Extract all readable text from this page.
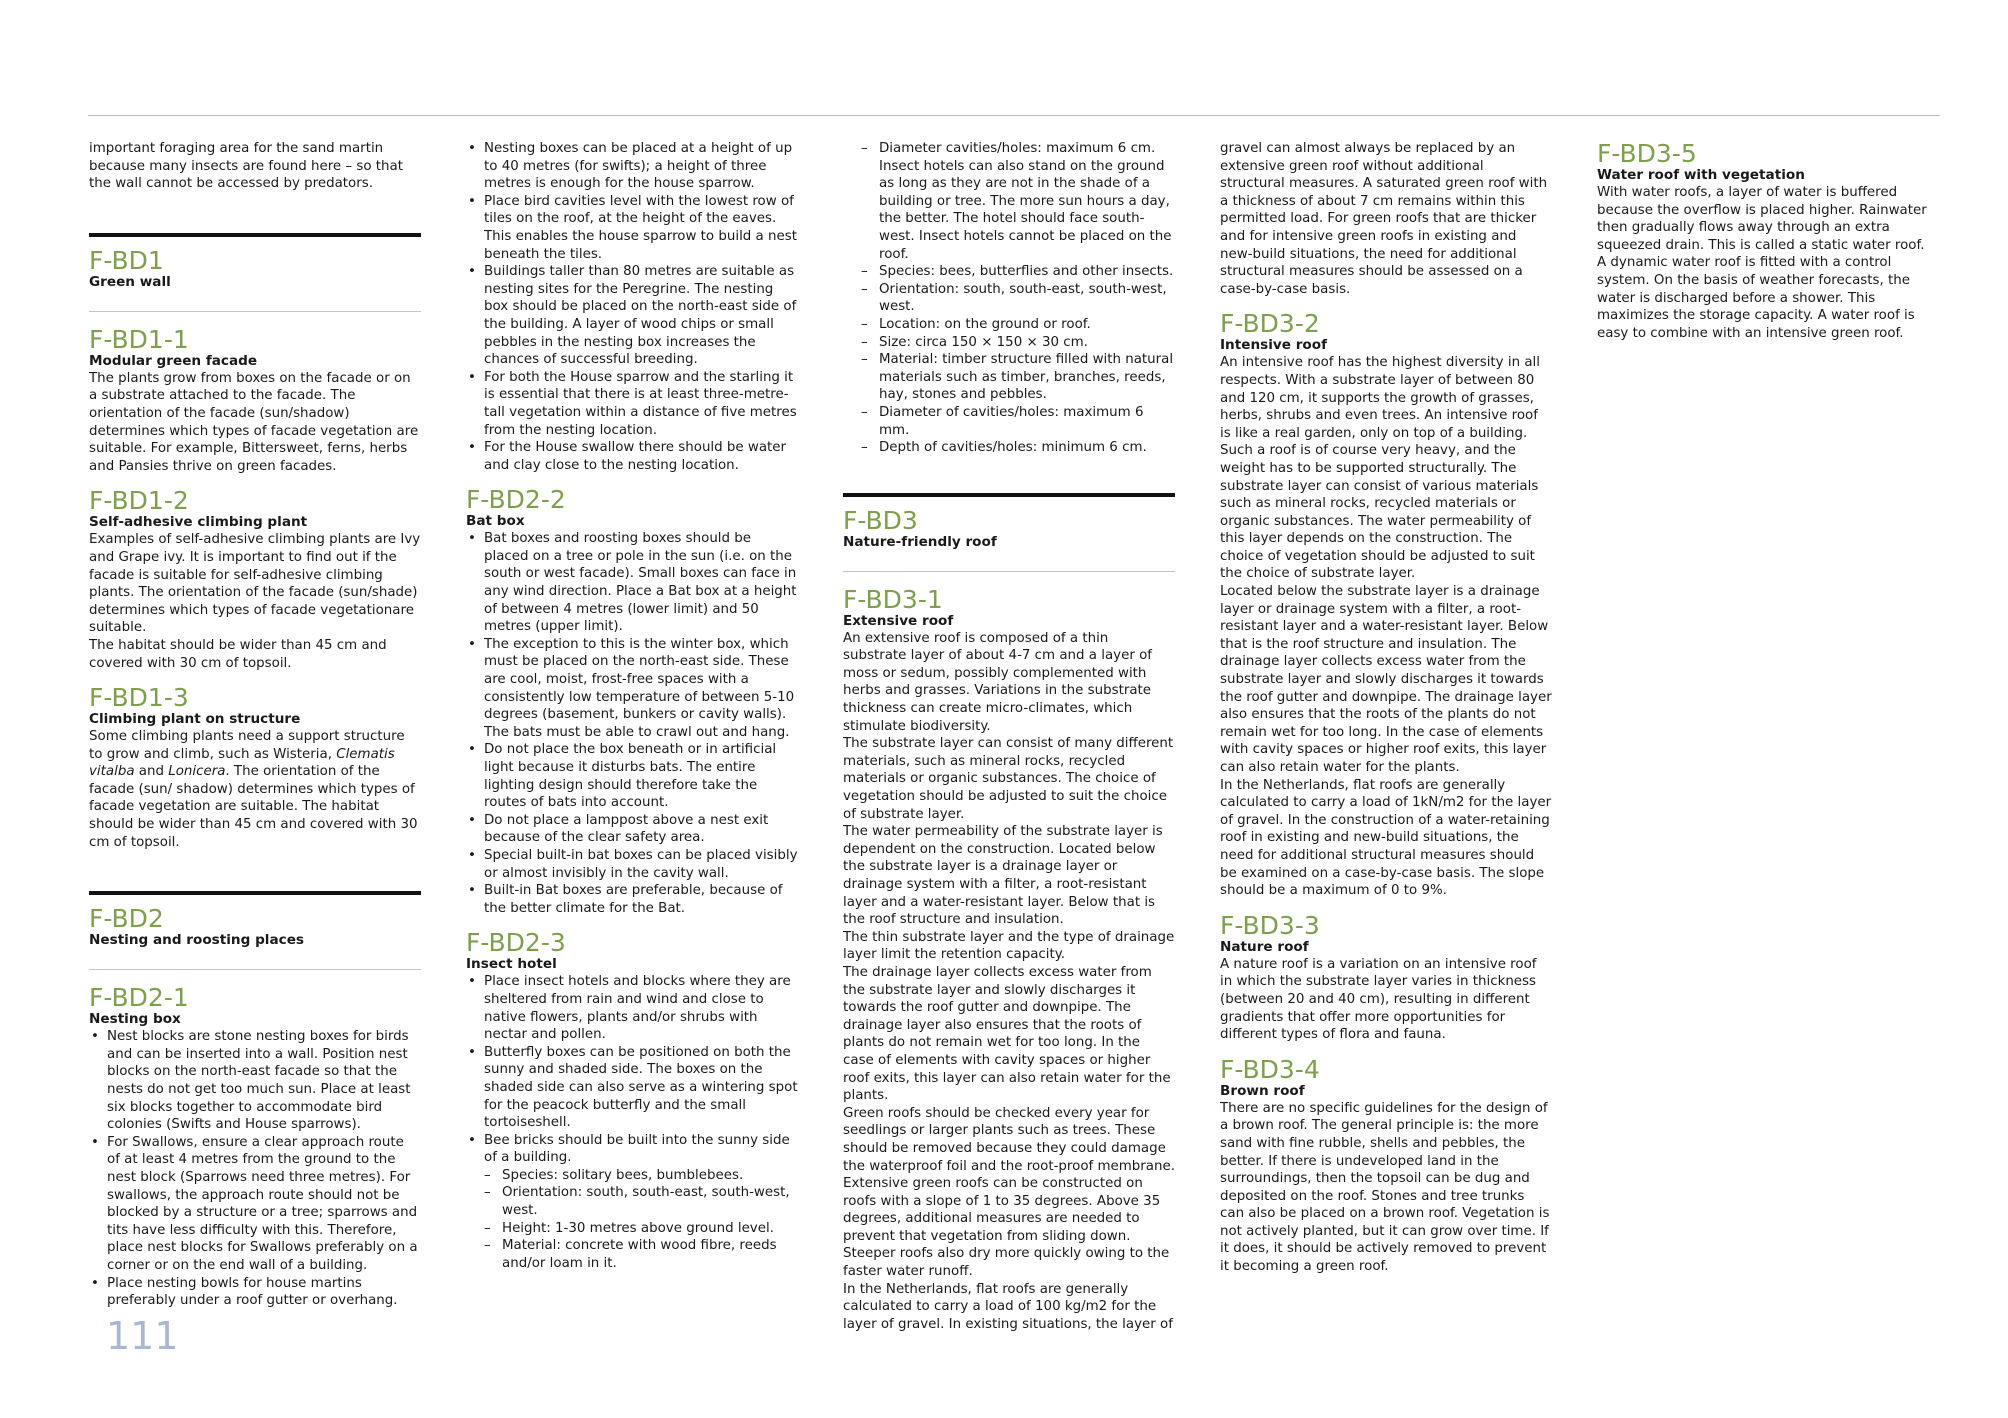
important foraging area for the sand martin because many insects are found here – so that the wall cannot be accessed by predators.

F-BD1
Green wall
F-BD1-1
Modular green facade

The plants grow from boxes on the facade or on a substrate attached to the facade. The orientation of the facade (sun/shadow) determines which types of facade vegetation are suitable. For example, Bittersweet, ferns, herbs and Pansies thrive on green facades.

F-BD1-2
Self-adhesive climbing plant

Examples of self-adhesive climbing plants are Ivy and Grape ivy. It is important to find out if the facade is suitable for self-adhesive climbing plants. The orientation of the facade (sun/shade) determines which types of facade vegetationare suitable.

The habitat should be wider than 45 cm and covered with 30 cm of topsoil.

F-BD1-3
Climbing plant on structure

Some climbing plants need a support structure to grow and climb, such as Wisteria, Clematis vitalba and Lonicera. The orientation of the facade (sun/ shadow) determines which types of facade vegetation are suitable. The habitat should be wider than 45 cm and covered with 30 cm of topsoil.

F-BD2
Nesting and roosting places
F-BD2-1
Nesting box
• Nest blocks are stone nesting boxes for birds and can be inserted into a wall. Position nest blocks on the north-east facade so that the nests do not get too much sun. Place at least six blocks together to accommodate bird colonies (Swifts and House sparrows).
• For Swallows, ensure a clear approach route of at least 4 metres from the ground to the nest block (Sparrows need three metres). For swallows, the approach route should not be blocked by a structure or a tree; sparrows and tits have less difficulty with this. Therefore, place nest blocks for Swallows preferably on a corner or on the end wall of a building.
• Place nesting bowls for house martins preferably under a roof gutter or overhang.
• Nesting boxes can be placed at a height of up to 40 metres (for swifts); a height of three metres is enough for the house sparrow.
• Place bird cavities level with the lowest row of tiles on the roof, at the height of the eaves. This enables the house sparrow to build a nest beneath the tiles.
• Buildings taller than 80 metres are suitable as nesting sites for the Peregrine. The nesting box should be placed on the north-east side of the building. A layer of wood chips or small pebbles in the nesting box increases the chances of successful breeding.
• For both the House sparrow and the starling it is essential that there is at least three-metre-tall vegetation within a distance of five metres from the nesting location.
• For the House swallow there should be water and clay close to the nesting location.
F-BD2-2
Bat box
• Bat boxes and roosting boxes should be placed on a tree or pole in the sun (i.e. on the south or west facade). Small boxes can face in any wind direction. Place a Bat box at a height of between 4 metres (lower limit) and 50 metres (upper limit).
• The exception to this is the winter box, which must be placed on the north-east side. These are cool, moist, frost-free spaces with a consistently low temperature of between 5-10 degrees (basement, bunkers or cavity walls). The bats must be able to crawl out and hang.
• Do not place the box beneath or in artificial light because it disturbs bats. The entire lighting design should therefore take the routes of bats into account.
• Do not place a lamppost above a nest exit because of the clear safety area.
• Special built-in bat boxes can be placed visibly or almost invisibly in the cavity wall.
• Built-in Bat boxes are preferable, because of the better climate for the Bat.
F-BD2-3
Insect hotel
• Place insect hotels and blocks where they are sheltered from rain and wind and close to native flowers, plants and/or shrubs with nectar and pollen.
• Butterfly boxes can be positioned on both the sunny and shaded side. The boxes on the shaded side can also serve as a wintering spot for the peacock butterfly and the small tortoiseshell.
• Bee bricks should be built into the sunny side of a building.
– Species: solitary bees, bumblebees.
– Orientation: south, south-east, south-west, west.
– Height: 1-30 metres above ground level.
– Material: concrete with wood fibre, reeds and/or loam in it.
– Diameter cavities/holes: maximum 6 cm. Insect hotels can also stand on the ground as long as they are not in the shade of a building or tree. The more sun hours a day, the better. The hotel should face south-west. Insect hotels cannot be placed on the roof.
– Species: bees, butterflies and other insects.
– Orientation: south, south-east, south-west, west.
– Location: on the ground or roof.
– Size: circa 150 × 150 × 30 cm.
– Material: timber structure filled with natural materials such as timber, branches, reeds, hay, stones and pebbles.
– Diameter of cavities/holes: maximum 6 mm.
– Depth of cavities/holes: minimum 6 cm.
F-BD3
Nature-friendly roof
F-BD3-1
Extensive roof

An extensive roof is composed of a thin substrate layer of about 4-7 cm and a layer of moss or sedum, possibly complemented with herbs and grasses. Variations in the substrate thickness can create micro-climates, which stimulate biodiversity.

The substrate layer can consist of many different materials, such as mineral rocks, recycled materials or organic substances. The choice of vegetation should be adjusted to suit the choice of substrate layer.

The water permeability of the substrate layer is dependent on the construction. Located below the substrate layer is a drainage layer or drainage system with a filter, a root-resistant layer and a water-resistant layer. Below that is the roof structure and insulation.

The thin substrate layer and the type of drainage layer limit the retention capacity.

The drainage layer collects excess water from the substrate layer and slowly discharges it towards the roof gutter and downpipe. The drainage layer also ensures that the roots of plants do not remain wet for too long. In the case of elements with cavity spaces or higher roof exits, this layer can also retain water for the plants.

Green roofs should be checked every year for seedlings or larger plants such as trees. These should be removed because they could damage the waterproof foil and the root-proof membrane. Extensive green roofs can be constructed on roofs with a slope of 1 to 35 degrees. Above 35 degrees, additional measures are needed to prevent that vegetation from sliding down. Steeper roofs also dry more quickly owing to the faster water runoff.

In the Netherlands, flat roofs are generally calculated to carry a load of 100 kg/m2 for the layer of gravel. In existing situations, the layer of

gravel can almost always be replaced by an extensive green roof without additional structural measures. A saturated green roof with a thickness of about 7 cm remains within this permitted load. For green roofs that are thicker and for intensive green roofs in existing and new-build situations, the need for additional structural measures should be assessed on a case-by-case basis.

F-BD3-2
Intensive roof

An intensive roof has the highest diversity in all respects. With a substrate layer of between 80 and 120 cm, it supports the growth of grasses, herbs, shrubs and even trees. An intensive roof is like a real garden, only on top of a building. Such a roof is of course very heavy, and the weight has to be supported structurally. The substrate layer can consist of various materials such as mineral rocks, recycled materials or organic substances. The water permeability of this layer depends on the construction. The choice of vegetation should be adjusted to suit the choice of substrate layer.

Located below the substrate layer is a drainage layer or drainage system with a filter, a root-resistant layer and a water-resistant layer. Below that is the roof structure and insulation. The drainage layer collects excess water from the substrate layer and slowly discharges it towards the roof gutter and downpipe. The drainage layer also ensures that the roots of the plants do not remain wet for too long. In the case of elements with cavity spaces or higher roof exits, this layer can also retain water for the plants.

In the Netherlands, flat roofs are generally calculated to carry a load of 1kN/m2 for the layer of gravel. In the construction of a water-retaining roof in existing and new-build situations, the need for additional structural measures should be examined on a case-by-case basis. The slope should be a maximum of 0 to 9%.

F-BD3-3
Nature roof

A nature roof is a variation on an intensive roof in which the substrate layer varies in thickness (between 20 and 40 cm), resulting in different gradients that offer more opportunities for different types of flora and fauna.

F-BD3-4
Brown roof

There are no specific guidelines for the design of a brown roof. The general principle is: the more sand with fine rubble, shells and pebbles, the better. If there is undeveloped land in the surroundings, then the topsoil can be dug and deposited on the roof. Stones and tree trunks can also be placed on a brown roof. Vegetation is not actively planted, but it can grow over time. If it does, it should be actively removed to prevent it becoming a green roof.

F-BD3-5
Water roof with vegetation

With water roofs, a layer of water is buffered because the overflow is placed higher. Rainwater then gradually flows away through an extra squeezed drain. This is called a static water roof. A dynamic water roof is fitted with a control system. On the basis of weather forecasts, the water is discharged before a shower. This maximizes the storage capacity. A water roof is easy to combine with an intensive green roof.

111
